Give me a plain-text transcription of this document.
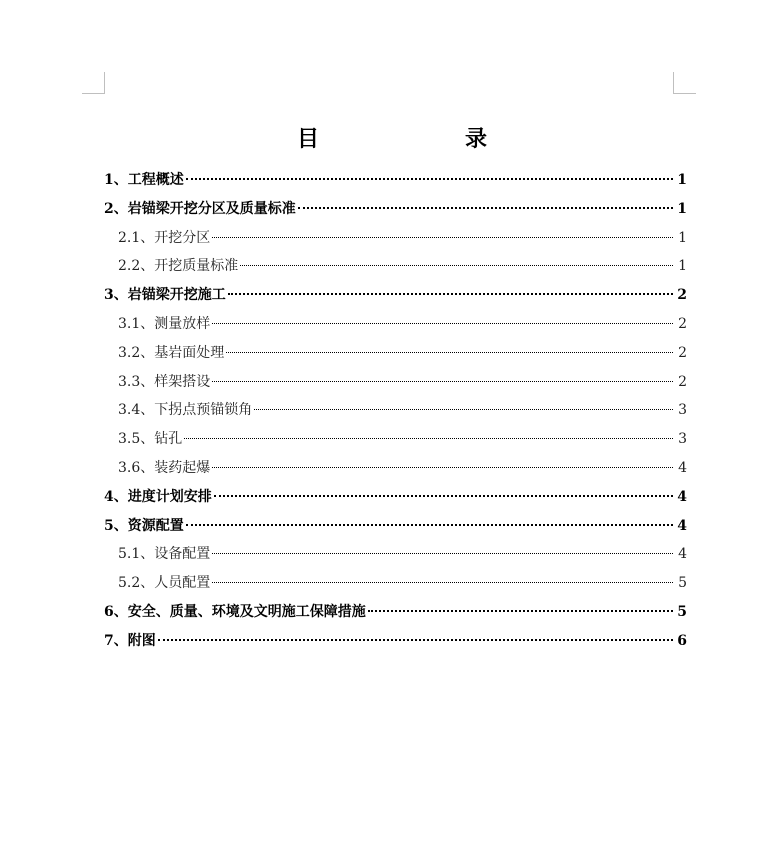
目　录
1、工程概述	1
2、岩锚梁开挖分区及质量标准	1
2.1、开挖分区	1
2.2、开挖质量标准	1
3、岩锚梁开挖施工	2
3.1、测量放样	2
3.2、基岩面处理	2
3.3、样架搭设	2
3.4、下拐点预锚锁角	3
3.5、钻孔	3
3.6、装药起爆	4
4、进度计划安排	4
5、资源配置	4
5.1、设备配置	4
5.2、人员配置	5
6、安全、质量、环境及文明施工保障措施	5
7、附图	6
